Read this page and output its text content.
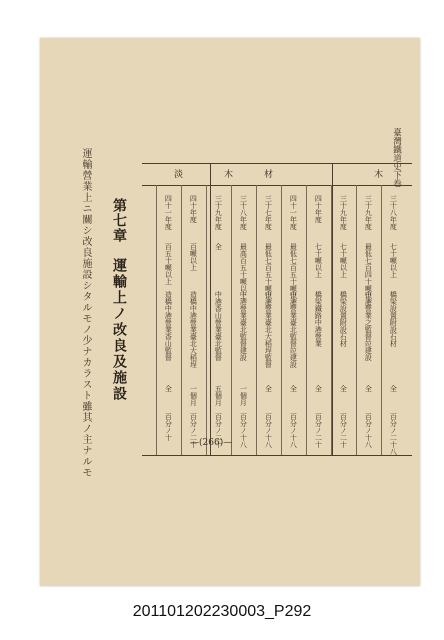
臺灣鐵道史下卷
木
材
木
淡
三十八年度
七十噸以上
橋梁設置附設石材
全
百分ノ二十八
三十九年度
最低七百四十噸以上
中港營業之監督竝建設
全
百分ノ十八
三十九年度
七十噸以上
橋梁設置附設石材
全
百分ノ二十
四十年度
七十噸以上
橋梁鐵路中港營業
全
百分ノ二十
四十一年度
最低七百五十噸以上
中港營業臺北監督竝建設
全
百分ノ十八
三十七年度
最低七百五十噸以上
中港營業臺北大稻埕監督
全
百分ノ十八
三十八年度
最高百五十噸以上
中港營業臺北監督建設
一個月
百分ノ十八
三十九年度
全
中港香山營業臺北監督
五個月
百分ノ二十
四十年度
百噸以上
造橋中港營業臺北大稻埕
一個月
百分ノ二十
四十一年度
百五十噸以上
造橋中港營業香山監督
全
百分ノ十
第七章
運輸上ノ改良及施設
運輸營業上ニ關シ改良施設シタルモノ少ナカラスト雖其ノ主ナルモ	—(266)—
201101202230003_P292
